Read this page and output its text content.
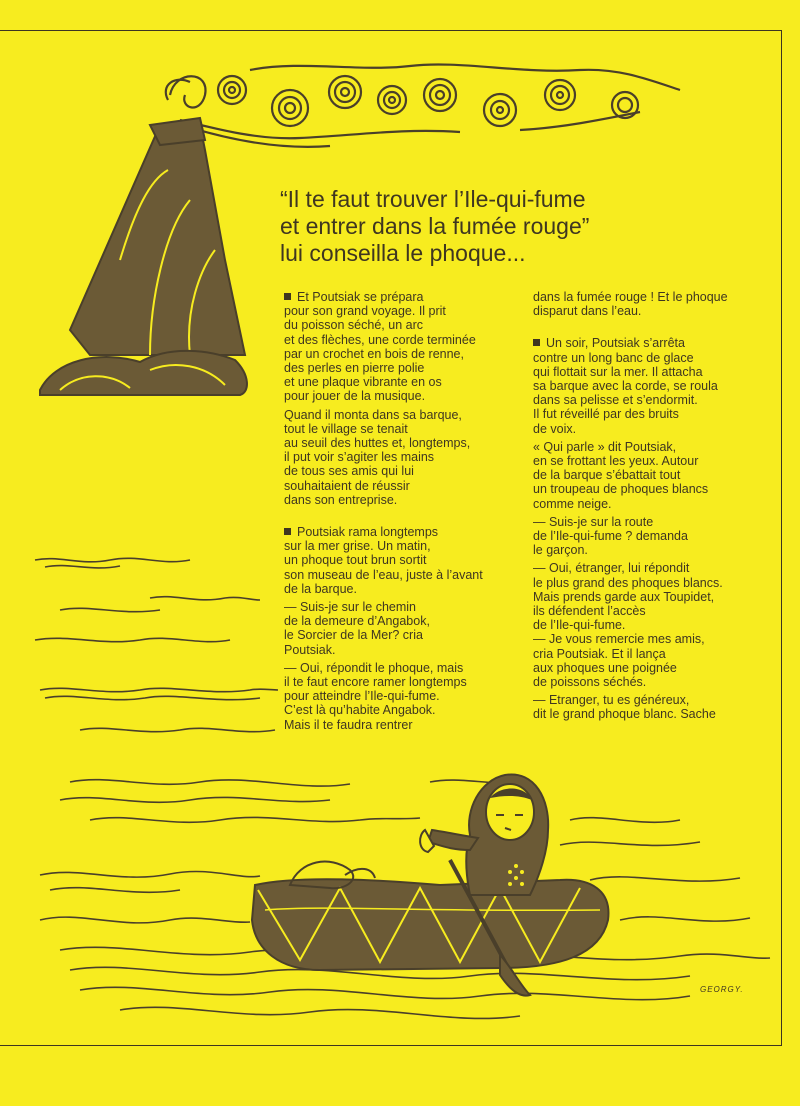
“Il te faut trouver l’Ile-qui-fume
et entrer dans la fumée rouge”
lui conseilla le phoque...

Et Poutsiak se prépara
pour son grand voyage. Il prit
du poisson séché, un arc
et des flèches, une corde terminée
par un crochet en bois de renne,
des perles en pierre polie
et une plaque vibrante en os
pour jouer de la musique.

Quand il monta dans sa barque,
tout le village se tenait
au seuil des huttes et, longtemps,
il put voir s’agiter les mains
de tous ses amis qui lui
souhaitaient de réussir
dans son entreprise.

Poutsiak rama longtemps
sur la mer grise. Un matin,
un phoque tout brun sortit
son museau de l’eau, juste à l’avant
de la barque.

— Suis-je sur le chemin
de la demeure d’Angabok,
le Sorcier de la Mer? cria
Poutsiak.

— Oui, répondit le phoque, mais
il te faut encore ramer longtemps
pour atteindre l’Ile-qui-fume.
C’est là qu’habite Angabok.
Mais il te faudra rentrer

dans la fumée rouge ! Et le phoque
disparut dans l’eau.

Un soir, Poutsiak s’arrêta
contre un long banc de glace
qui flottait sur la mer. Il attacha
sa barque avec la corde, se roula
dans sa pelisse et s’endormit.
Il fut réveillé par des bruits
de voix.

« Qui parle » dit Poutsiak,
en se frottant les yeux. Autour
de la barque s’ébattait tout
un troupeau de phoques blancs
comme neige.

— Suis-je sur la route
de l’Ile-qui-fume ? demanda
le garçon.

— Oui, étranger, lui répondit
le plus grand des phoques blancs.
Mais prends garde aux Toupidet,
ils défendent l’accès
de l’Ile-qui-fume.
— Je vous remercie mes amis,
cria Poutsiak. Et il lança
aux phoques une poignée
de poissons séchés.

— Etranger, tu es généreux,
dit le grand phoque blanc. Sache

GEORGY.
